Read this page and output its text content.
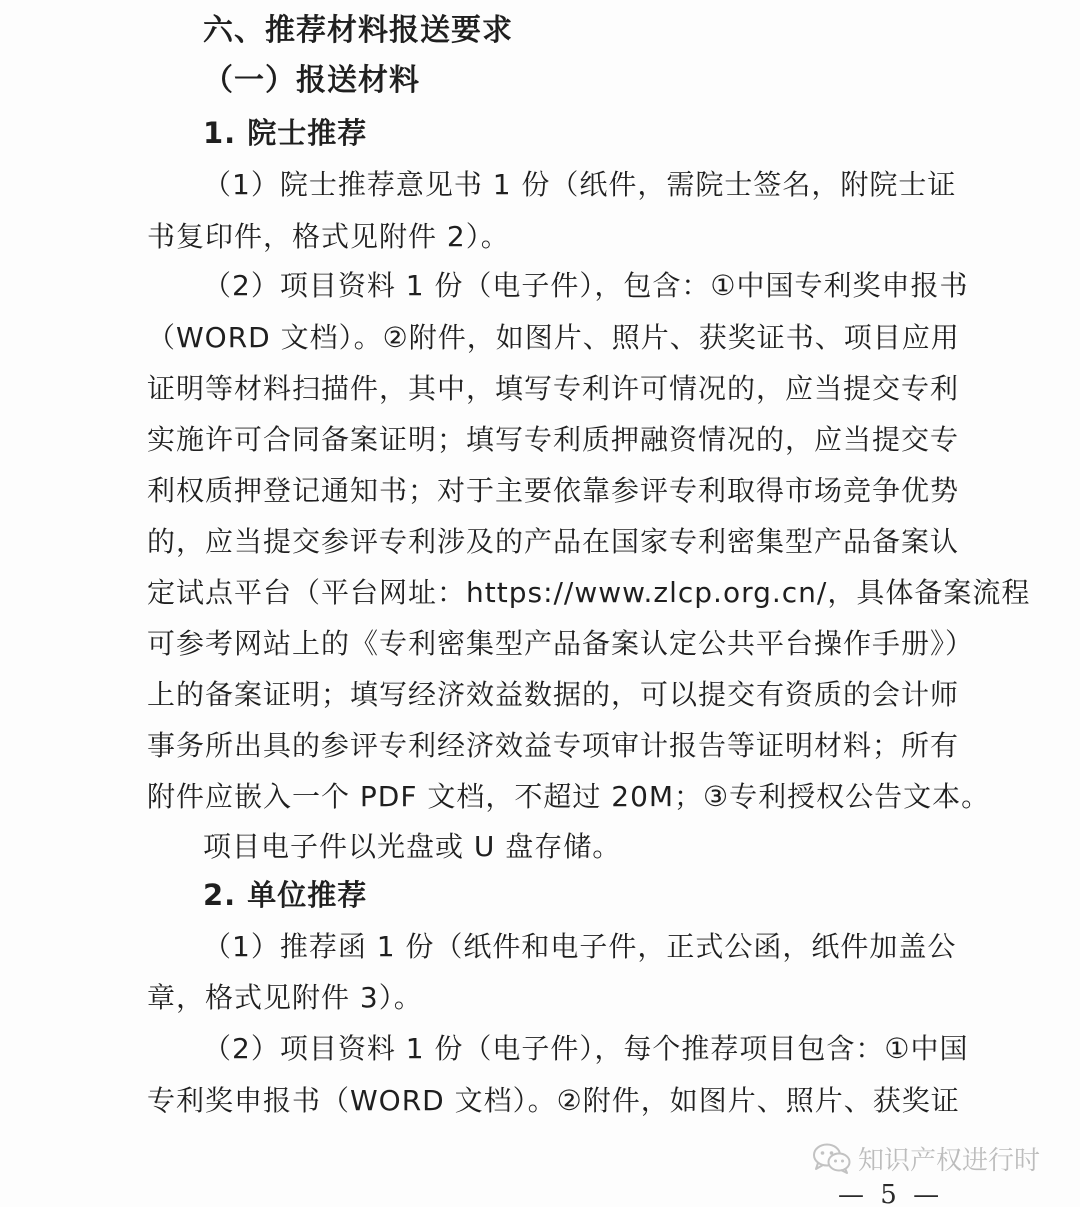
六、推荐材料报送要求
（一）报送材料
1. 院士推荐
（1）院士推荐意见书 1 份（纸件，需院士签名，附院士证
书复印件，格式见附件 2）。
（2）项目资料 1 份（电子件），包含：①中国专利奖申报书
（WORD 文档）。②附件，如图片、照片、获奖证书、项目应用
证明等材料扫描件，其中，填写专利许可情况的，应当提交专利
实施许可合同备案证明；填写专利质押融资情况的，应当提交专
利权质押登记通知书；对于主要依靠参评专利取得市场竞争优势
的，应当提交参评专利涉及的产品在国家专利密集型产品备案认
定试点平台（平台网址：https://www.zlcp.org.cn/，具体备案流程
可参考网站上的《专利密集型产品备案认定公共平台操作手册》）
上的备案证明；填写经济效益数据的，可以提交有资质的会计师
事务所出具的参评专利经济效益专项审计报告等证明材料；所有
附件应嵌入一个 PDF 文档，不超过 20M；③专利授权公告文本。
项目电子件以光盘或 U 盘存储。
2. 单位推荐
（1）推荐函 1 份（纸件和电子件，正式公函，纸件加盖公
章，格式见附件 3）。
（2）项目资料 1 份（电子件），每个推荐项目包含：①中国
专利奖申报书（WORD 文档）。②附件，如图片、照片、获奖证
知识产权进行时
— 5 —
